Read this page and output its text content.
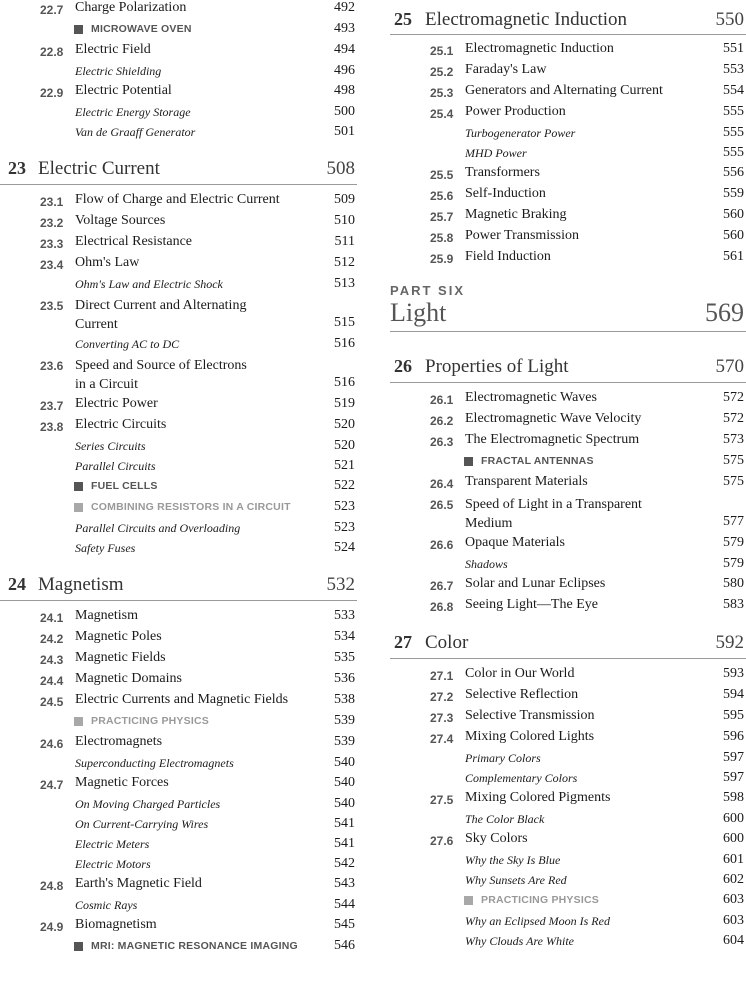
22.7 Charge Polarization	492
MICROWAVE OVEN	493
22.8 Electric Field	494
Electric Shielding	496
22.9 Electric Potential	498
Electric Energy Storage	500
Van de Graaff Generator	501
23 Electric Current	508
23.1 Flow of Charge and Electric Current	509
23.2 Voltage Sources	510
23.3 Electrical Resistance	511
23.4 Ohm's Law	512
Ohm's Law and Electric Shock	513
23.5 Direct Current and Alternating
Current	515
Converting AC to DC	516
23.6 Speed and Source of Electrons
in a Circuit	516
23.7 Electric Power	519
23.8 Electric Circuits	520
Series Circuits	520
Parallel Circuits	521
FUEL CELLS	522
COMBINING RESISTORS IN A CIRCUIT	523
Parallel Circuits and Overloading	523
Safety Fuses	524
24 Magnetism	532
24.1 Magnetism	533
24.2 Magnetic Poles	534
24.3 Magnetic Fields	535
24.4 Magnetic Domains	536
24.5 Electric Currents and Magnetic Fields	538
PRACTICING PHYSICS	539
24.6 Electromagnets	539
Superconducting Electromagnets	540
24.7 Magnetic Forces	540
On Moving Charged Particles	540
On Current-Carrying Wires	541
Electric Meters	541
Electric Motors	542
24.8 Earth's Magnetic Field	543
Cosmic Rays	544
24.9 Biomagnetism	545
MRI: MAGNETIC RESONANCE IMAGING	546
25 Electromagnetic Induction	550
25.1 Electromagnetic Induction	551
25.2 Faraday's Law	553
25.3 Generators and Alternating Current	554
25.4 Power Production	555
Turbogenerator Power	555
MHD Power	555
25.5 Transformers	556
25.6 Self-Induction	559
25.7 Magnetic Braking	560
25.8 Power Transmission	560
25.9 Field Induction	561
PART SIX
Light	569
26 Properties of Light	570
26.1 Electromagnetic Waves	572
26.2 Electromagnetic Wave Velocity	572
26.3 The Electromagnetic Spectrum	573
FRACTAL ANTENNAS	575
26.4 Transparent Materials	575
26.5 Speed of Light in a Transparent
Medium	577
26.6 Opaque Materials	579
Shadows	579
26.7 Solar and Lunar Eclipses	580
26.8 Seeing Light—The Eye	583
27 Color	592
27.1 Color in Our World	593
27.2 Selective Reflection	594
27.3 Selective Transmission	595
27.4 Mixing Colored Lights	596
Primary Colors	597
Complementary Colors	597
27.5 Mixing Colored Pigments	598
The Color Black	600
27.6 Sky Colors	600
Why the Sky Is Blue	601
Why Sunsets Are Red	602
PRACTICING PHYSICS	603
Why an Eclipsed Moon Is Red	603
Why Clouds Are White	604
